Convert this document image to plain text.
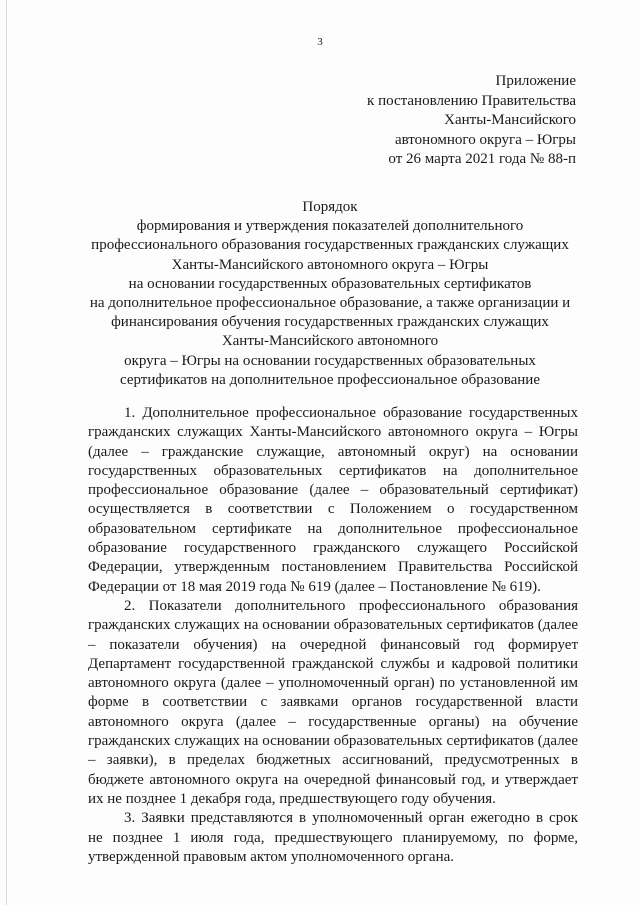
3
Приложение
к постановлению Правительства
Ханты-Мансийского
автономного округа – Югры
от 26 марта 2021 года № 88-п
Порядок
формирования и утверждения показателей дополнительного
профессионального образования государственных гражданских служащих
Ханты-Мансийского автономного округа – Югры
на основании государственных образовательных сертификатов
на дополнительное профессиональное образование, а также организации и
финансирования обучения государственных гражданских служащих
Ханты-Мансийского автономного
округа – Югры на основании государственных образовательных
сертификатов на дополнительное профессиональное образование

1. Дополнительное профессиональное образование государственных гражданских служащих Ханты-Мансийского автономного округа – Югры (далее – гражданские служащие, автономный округ) на основании государственных образовательных сертификатов на дополнительное профессиональное образование (далее – образовательный сертификат) осуществляется в соответствии с Положением о государственном образовательном сертификате на дополнительное профессиональное образование государственного гражданского служащего Российской Федерации, утвержденным постановлением Правительства Российской Федерации от 18 мая 2019 года № 619 (далее – Постановление № 619).

2. Показатели дополнительного профессионального образования гражданских служащих на основании образовательных сертификатов (далее – показатели обучения) на очередной финансовый год формирует Департамент государственной гражданской службы и кадровой политики автономного округа (далее – уполномоченный орган) по установленной им форме в соответствии с заявками органов государственной власти автономного округа (далее – государственные органы) на обучение гражданских служащих на основании образовательных сертификатов (далее – заявки), в пределах бюджетных ассигнований, предусмотренных в бюджете автономного округа на очередной финансовый год, и утверждает их не позднее 1 декабря года, предшествующего году обучения.

3. Заявки представляются в уполномоченный орган ежегодно в срок не позднее 1 июля года, предшествующего планируемому, по форме, утвержденной правовым актом уполномоченного органа.
